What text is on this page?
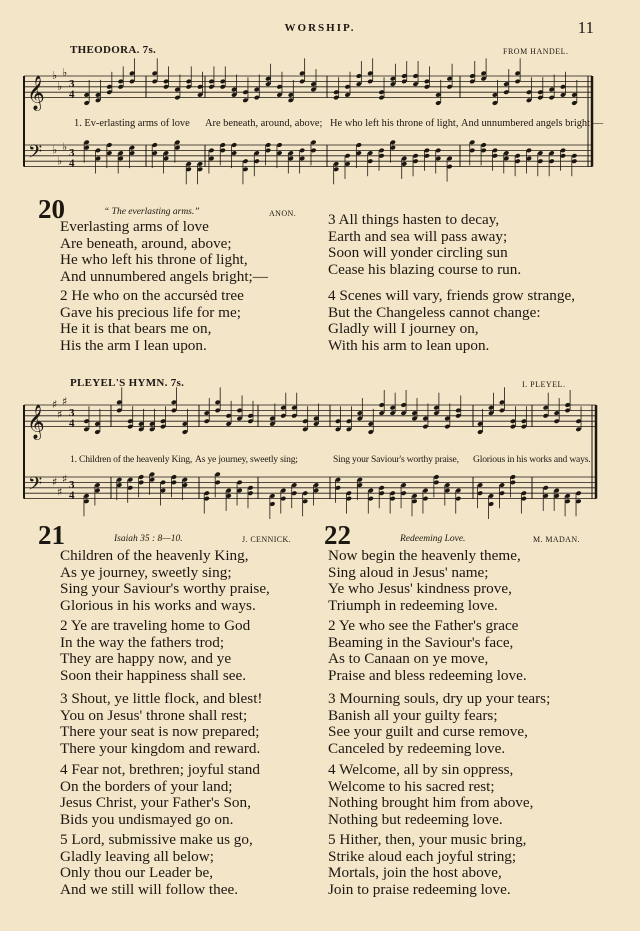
WORSHIP.	11
THEODORA. 7s.	FROM HANDEL.
𝄞
𝄢
♭
♭
♭
♭
♭
♭
3
4
3
4
1. Ev-erlasting arms of love Are beneath, around, above; He who left his throne of light, And unnumbered angels bright;—
20	“ The everlasting arms.”	ANON.
Everlasting arms of love
Are beneath, around, above;
He who left his throne of light,
And unnumbered angels bright;—
2 He who on the accursėd tree
Gave his precious life for me;
He it is that bears me on,
His the arm I lean upon.
3 All things hasten to decay,
Earth and sea will pass away;
Soon will yonder circling sun
Cease his blazing course to run.
4 Scenes will vary, friends grow strange,
But the Changeless cannot change:
Gladly will I journey on,
With his arm to lean upon.
PLEYEL'S HYMN. 7s.	I. PLEYEL.
𝄞
𝄢
♯
♯
♯
♯
♯
♯
3
4
3
4
1. Children of the heavenly King, As ye journey, sweetly sing;	Sing your Saviour's worthy praise, Glorious in his works and ways.
21	Isaiah 35 : 8—10.	J. CENNICK.
Children of the heavenly King,
As ye journey, sweetly sing;
Sing your Saviour's worthy praise,
Glorious in his works and ways.
2 Ye are traveling home to God
In the way the fathers trod;
They are happy now, and ye
Soon their happiness shall see.
3 Shout, ye little flock, and blest!
You on Jesus' throne shall rest;
There your seat is now prepared;
There your kingdom and reward.
4 Fear not, brethren; joyful stand
On the borders of your land;
Jesus Christ, your Father's Son,
Bids you undismayed go on.
5 Lord, submissive make us go,
Gladly leaving all below;
Only thou our Leader be,
And we still will follow thee.
22	Redeeming Love.	M. MADAN.
Now begin the heavenly theme,
Sing aloud in Jesus' name;
Ye who Jesus' kindness prove,
Triumph in redeeming love.
2 Ye who see the Father's grace
Beaming in the Saviour's face,
As to Canaan on ye move,
Praise and bless redeeming love.
3 Mourning souls, dry up your tears;
Banish all your guilty fears;
See your guilt and curse remove,
Canceled by redeeming love.
4 Welcome, all by sin oppress,
Welcome to his sacred rest;
Nothing brought him from above,
Nothing but redeeming love.
5 Hither, then, your music bring,
Strike aloud each joyful string;
Mortals, join the host above,
Join to praise redeeming love.
